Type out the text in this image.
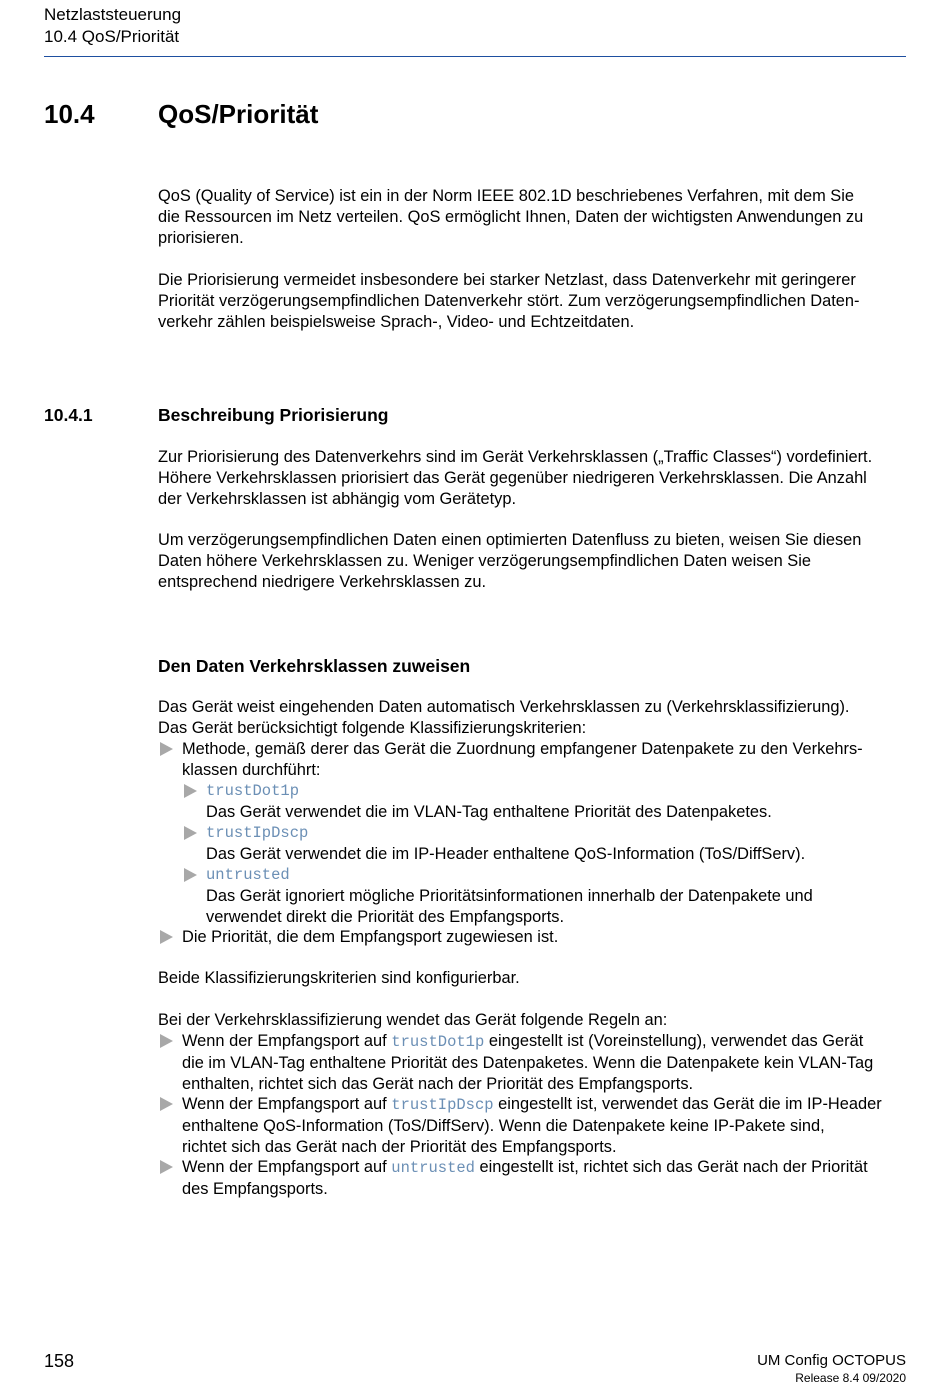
Netzlaststeuerung
10.4 QoS/Priorität
10.4 QoS/Priorität
QoS (Quality of Service) ist ein in der Norm IEEE 802.1D beschriebenes Verfahren, mit dem Sie
die Ressourcen im Netz verteilen. QoS ermöglicht Ihnen, Daten der wichtigsten Anwendungen zu
priorisieren.
Die Priorisierung vermeidet insbesondere bei starker Netzlast, dass Datenverkehr mit geringerer
Priorität verzögerungsempfindlichen Datenverkehr stört. Zum verzögerungsempfindlichen Daten-
verkehr zählen beispielsweise Sprach-, Video- und Echtzeitdaten.
10.4.1	Beschreibung Priorisierung
Zur Priorisierung des Datenverkehrs sind im Gerät Verkehrsklassen („Traffic Classes“) vordefiniert.
Höhere Verkehrsklassen priorisiert das Gerät gegenüber niedrigeren Verkehrsklassen. Die Anzahl
der Verkehrsklassen ist abhängig vom Gerätetyp.
Um verzögerungsempfindlichen Daten einen optimierten Datenfluss zu bieten, weisen Sie diesen
Daten höhere Verkehrsklassen zu. Weniger verzögerungsempfindlichen Daten weisen Sie
entsprechend niedrigere Verkehrsklassen zu.
Den Daten Verkehrsklassen zuweisen
Das Gerät weist eingehenden Daten automatisch Verkehrsklassen zu (Verkehrsklassifizierung).
Das Gerät berücksichtigt folgende Klassifizierungskriterien:
Methode, gemäß derer das Gerät die Zuordnung empfangener Datenpakete zu den Verkehrs-
klassen durchführt:
trustDot1p
Das Gerät verwendet die im VLAN-Tag enthaltene Priorität des Datenpaketes.
trustIpDscp
Das Gerät verwendet die im IP-Header enthaltene QoS-Information (ToS/DiffServ).
untrusted
Das Gerät ignoriert mögliche Prioritätsinformationen innerhalb der Datenpakete und
verwendet direkt die Priorität des Empfangsports.
Die Priorität, die dem Empfangsport zugewiesen ist.
Beide Klassifizierungskriterien sind konfigurierbar.
Bei der Verkehrsklassifizierung wendet das Gerät folgende Regeln an:
Wenn der Empfangsport auf trustDot1p eingestellt ist (Voreinstellung), verwendet das Gerät
die im VLAN-Tag enthaltene Priorität des Datenpaketes. Wenn die Datenpakete kein VLAN-Tag
enthalten, richtet sich das Gerät nach der Priorität des Empfangsports.
Wenn der Empfangsport auf trustIpDscp eingestellt ist, verwendet das Gerät die im IP-Header
enthaltene QoS-Information (ToS/DiffServ). Wenn die Datenpakete keine IP-Pakete sind,
richtet sich das Gerät nach der Priorität des Empfangsports.
Wenn der Empfangsport auf untrusted eingestellt ist, richtet sich das Gerät nach der Priorität
des Empfangsports.
158	UM Config OCTOPUS
Release 8.4 09/2020
